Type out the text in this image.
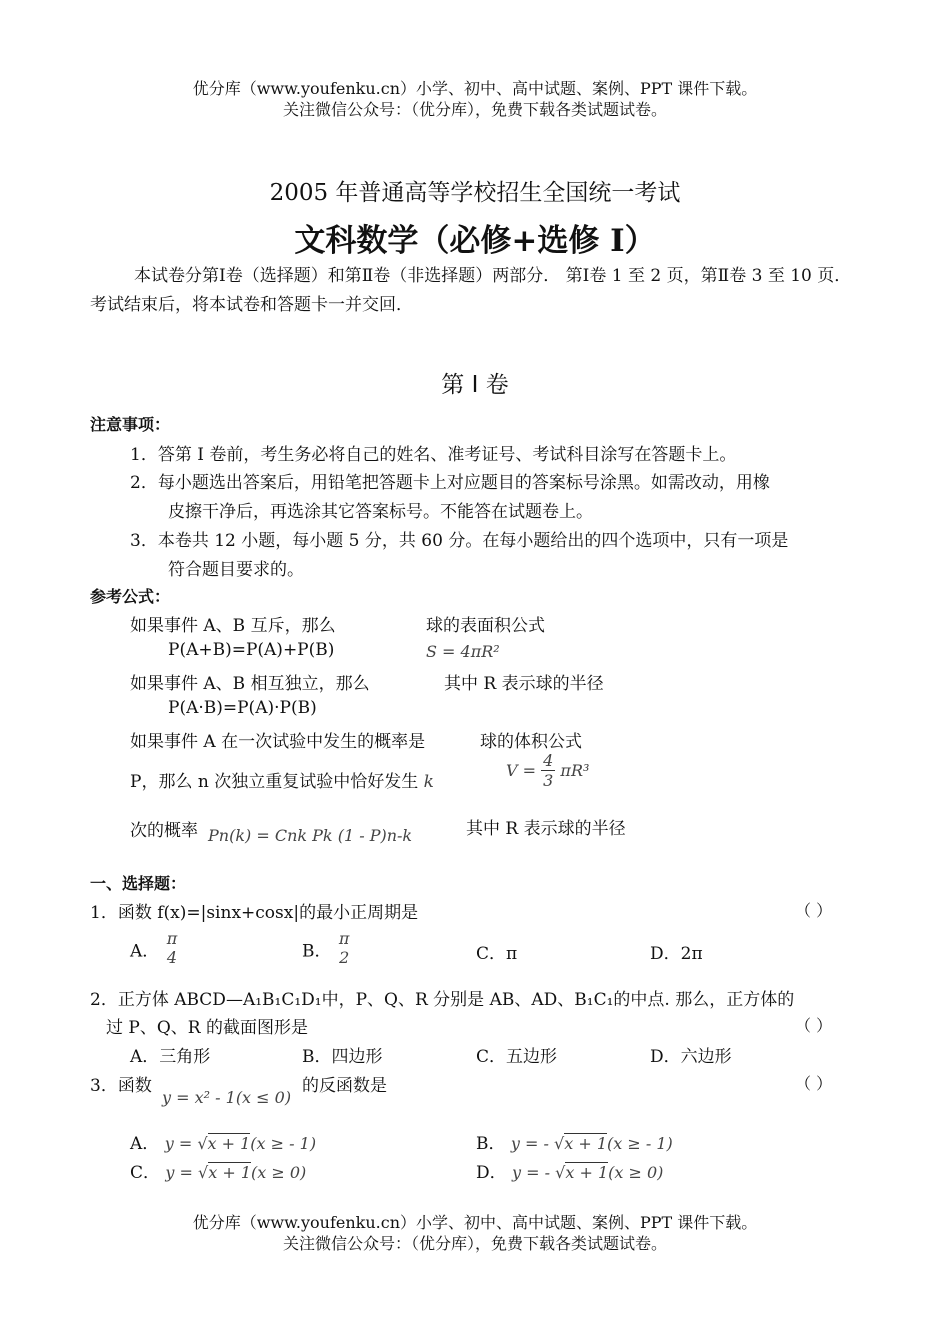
优分库（www.youfenku.cn）小学、初中、高中试题、案例、PPT 课件下载。
关注微信公众号：（优分库），免费下载各类试题试卷。
2005 年普通高等学校招生全国统一考试
文科数学（必修+选修 I）
本试卷分第Ⅰ卷（选择题）和第Ⅱ卷（非选择题）两部分． 第Ⅰ卷 1 至 2 页，第Ⅱ卷 3 至 10 页．考试结束后，将本试卷和答题卡一并交回．
第 I 卷
注意事项：
1．答第 I 卷前，考生务必将自己的姓名、准考证号、考试科目涂写在答题卡上。
2．每小题选出答案后，用铅笔把答题卡上对应题目的答案标号涂黑。如需改动，用橡
皮擦干净后，再选涂其它答案标号。不能答在试题卷上。
3．本卷共 12 小题，每小题 5 分，共 60 分。在每小题给出的四个选项中，只有一项是
符合题目要求的。
参考公式：
如果事件 A、B 互斥，那么
P(A+B)=P(A)+P(B)
如果事件 A、B 相互独立，那么
P(A·B)=P(A)·P(B)
如果事件 A 在一次试验中发生的概率是
P，那么 n 次独立重复试验中恰好发生 k
次的概率 Pn(k) = Cnk Pk (1 - P)n-k
球的表面积公式
S = 4πR²
其中 R 表示球的半径
球的体积公式
$V = \frac{4}{3} \pi R^3$
其中 R 表示球的半径
一、选择题：
1．函数 f(x)=|sinx+cosx|的最小正周期是	（ ）
A．
π
4	B．
π
2	C．π	D．2π
2．正方体 ABCD—A₁B₁C₁D₁中，P、Q、R 分别是 AB、AD、B₁C₁的中点. 那么，正方体的
过 P、Q、R 的截面图形是	（ ）
A．三角形	B．四边形	C．五边形	D．六边形
3．函数
y = x² - 1(x ≤ 0)
的反函数是	（ ）
A． y = √x + 1(x ≥ - 1)	B． y = - √x + 1(x ≥ - 1)
C． y = √x + 1(x ≥ 0)	D． y = - √x + 1(x ≥ 0)
优分库（www.youfenku.cn）小学、初中、高中试题、案例、PPT 课件下载。
关注微信公众号：（优分库），免费下载各类试题试卷。
